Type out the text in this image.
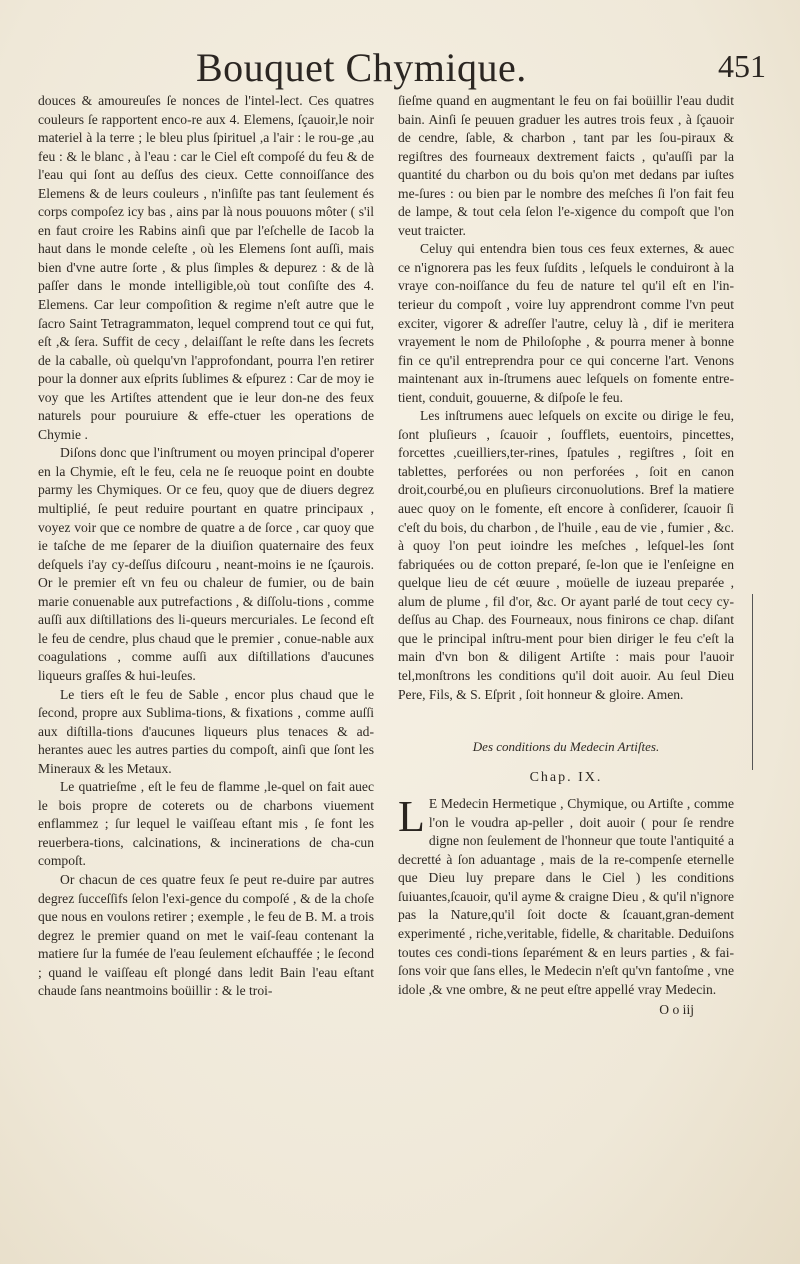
Bouquet Chymique.	451

douces & amoureuſes ſe nonces de l'intel-lect. Ces quatres couleurs ſe rapportent enco-re aux 4. Elemens, ſçauoir,le noir materiel à la terre ; le bleu plus ſpirituel ,a l'air : le rou-ge ,au feu : & le blanc , à l'eau : car le Ciel eſt compoſé du feu & de l'eau qui ſont au deſſus des cieux. Cette connoiſſance des Elemens & de leurs couleurs , n'inſiſte pas tant ſeulement és corps compoſez icy bas , ains par là nous pouuons môter ( s'il en faut croire les Rabins ainſi que par l'eſchelle de Iacob la haut dans le monde celeſte , où les Elemens ſont auſſi, mais bien d'vne autre ſorte , & plus ſimples & depurez : & de là paſſer dans le monde intelligible,où tout conſiſte des 4. Elemens. Car leur compoſition & regime n'eſt autre que le ſacro Saint Tetragrammaton, lequel comprend tout ce qui fut, eſt ,& ſera. Suffit de cecy , delaiſſant le reſte dans les ſecrets de la caballe, où quelqu'vn l'approfondant, pourra l'en retirer pour la donner aux eſprits ſublimes & eſpurez : Car de moy ie voy que les Artiſtes attendent que ie leur don-ne des feux naturels pour pouruiure & effe-ctuer les operations de Chymie .

Diſons donc que l'inſtrument ou moyen principal d'operer en la Chymie, eſt le feu, cela ne ſe reuoque point en doubte parmy les Chymiques. Or ce feu, quoy que de diuers degrez multiplié, ſe peut reduire pourtant en quatre principaux , voyez voir que ce nombre de quatre a de ſorce , car quoy que ie taſche de me ſeparer de la diuiſion quaternaire des feux deſquels i'ay cy-deſſus diſcouru , neant-moins ie ne ſçaurois. Or le premier eſt vn feu ou chaleur de fumier, ou de bain marie conuenable aux putrefactions , & diſſolu-tions , comme auſſi aux diſtillations des li-queurs mercuriales. Le ſecond eſt le feu de cendre, plus chaud que le premier , conue-nable aux coagulations , comme auſſi aux diſtillations d'aucunes liqueurs graſſes & hui-leuſes.

Le tiers eſt le feu de Sable , encor plus chaud que le ſecond, propre aux Sublima-tions, & fixations , comme auſſi aux diſtilla-tions d'aucunes liqueurs plus tenaces & ad-herantes auec les autres parties du compoſt, ainſi que ſont les Mineraux & les Metaux.

Le quatrieſme , eſt le feu de flamme ,le-quel on fait auec le bois propre de coterets ou de charbons viuement enflammez ; ſur lequel le vaiſſeau eſtant mis , ſe font les reuerbera-tions, calcinations, & incinerations de cha-cun compoſt.

Or chacun de ces quatre feux ſe peut re-duire par autres degrez ſucceſſifs ſelon l'exi-gence du compoſé , & de la choſe que nous en voulons retirer ; exemple , le feu de B. M. a trois degrez le premier quand on met le vaiſ-ſeau contenant la matiere ſur la fumée de l'eau ſeulement eſchauffée ; le ſecond ; quand le vaiſſeau eſt plongé dans ledit Bain l'eau eſtant chaude ſans neantmoins boüillir : & le troi-

ſieſme quand en augmentant le feu on fai boüillir l'eau dudit bain. Ainſi ſe peuuen graduer les autres trois feux , à ſçauoir de cendre, ſable, & charbon , tant par les ſou-piraux & regiſtres des fourneaux dextrement faicts , qu'auſſi par la quantité du charbon ou du bois qu'on met dedans par iuſtes me-ſures : ou bien par le nombre des meſches ſi l'on fait feu de lampe, & tout cela ſelon l'e-xigence du compoſt que l'on veut traicter.

Celuy qui entendra bien tous ces feux externes, & auec ce n'ignorera pas les feux ſuſdits , leſquels le conduiront à la vraye con-noiſſance du feu de nature tel qu'il eſt en l'in-terieur du compoſt , voire luy apprendront comme l'vn peut exciter, vigorer & adreſſer l'autre, celuy là , dif ie meritera vrayement le nom de Philoſophe , & pourra mener à bonne fin ce qu'il entreprendra pour ce qui concerne l'art. Venons maintenant aux in-ſtrumens auec leſquels on fomente entre-tient, conduit, gouuerne, & diſpoſe le feu.

Les inſtrumens auec leſquels on excite ou dirige le feu, ſont pluſieurs , ſcauoir , ſoufflets, euentoirs, pincettes, forcettes ,cueilliers,ter-rines, ſpatules , regiſtres , ſoit en tablettes, perforées ou non perforées , ſoit en canon droit,courbé,ou en pluſieurs circonuolutions. Bref la matiere auec quoy on le fomente, eſt encore à conſiderer, ſcauoir ſi c'eſt du bois, du charbon , de l'huile , eau de vie , fumier , &c. à quoy l'on peut ioindre les meſches , leſquel-les ſont fabriquées ou de cotton preparé, ſe-lon que ie l'enſeigne en quelque lieu de cét œuure , moüelle de iuzeau preparée , alum de plume , fil d'or, &c. Or ayant parlé de tout cecy cy-deſſus au Chap. des Fourneaux, nous finirons ce chap. diſant que le principal inſtru-ment pour bien diriger le feu c'eſt la main d'vn bon & diligent Artiſte : mais pour l'auoir tel,monſtrons les conditions qu'il doit auoir. Au ſeul Dieu Pere, Fils, & S. Eſprit , ſoit honneur & gloire. Amen.

Des conditions du Medecin Artiſtes.
Chap. IX.

L E Medecin Hermetique , Chymique, ou Artiſte , comme l'on le voudra ap-peller , doit auoir ( pour ſe rendre digne non ſeulement de l'honneur que toute l'antiquité a decretté à ſon aduantage , mais de la re-compenſe eternelle que Dieu luy prepare dans le Ciel ) les conditions ſuiuantes,ſcauoir, qu'il ayme & craigne Dieu , & qu'il n'ignore pas la Nature,qu'il ſoit docte & ſcauant,gran-dement experimenté , riche,veritable, fidelle, & charitable. Deduiſons toutes ces condi-tions ſeparément & en leurs parties , & fai-ſons voir que ſans elles, le Medecin n'eſt qu'vn fantoſme , vne idole ,& vne ombre, & ne peut eſtre appellé vray Medecin.

O o iij
